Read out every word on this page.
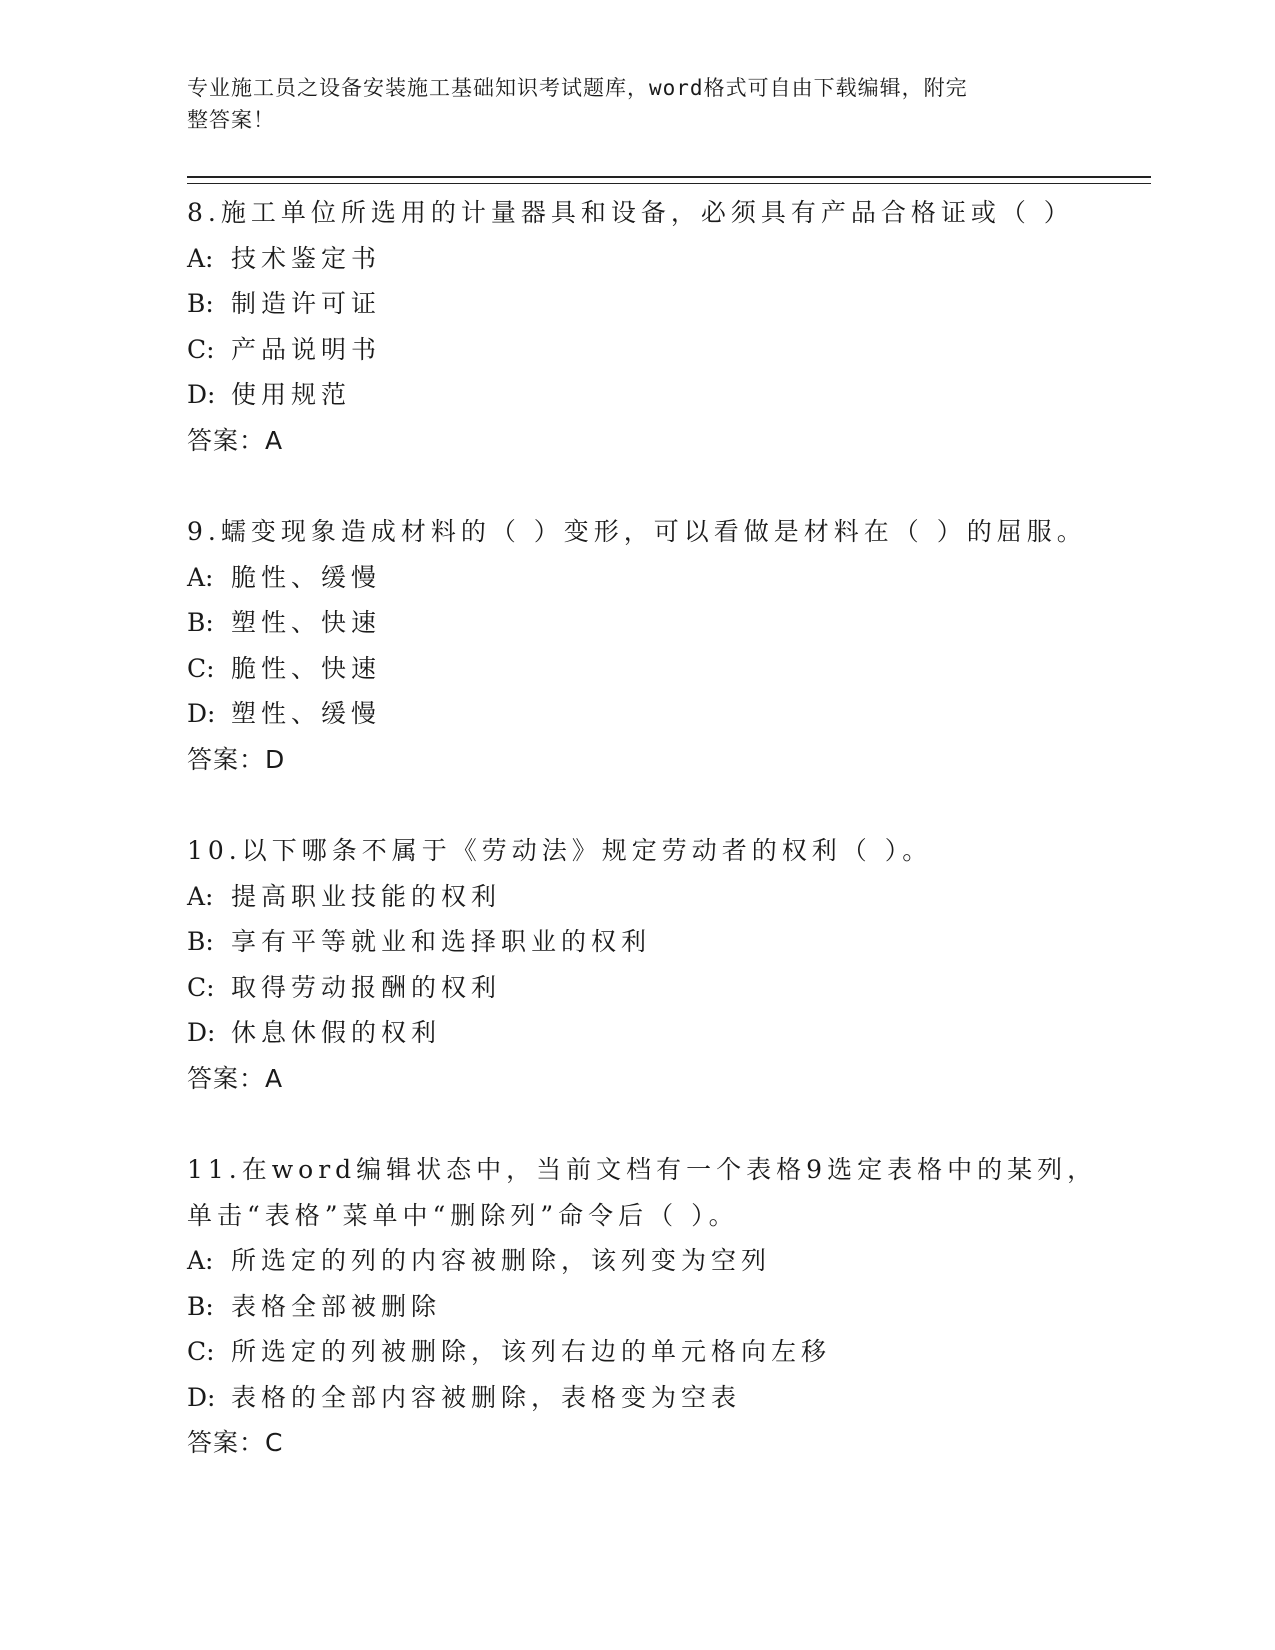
专业施工员之设备安装施工基础知识考试题库，word格式可自由下载编辑，附完
整答案！
8.施工单位所选用的计量器具和设备，必须具有产品合格证或（ ）
A: 技术鉴定书
B: 制造许可证
C: 产品说明书
D: 使用规范
答案：A
9.蠕变现象造成材料的（ ）变形，可以看做是材料在（ ）的屈服。
A: 脆性、缓慢
B: 塑性、快速
C: 脆性、快速
D: 塑性、缓慢
答案：D
10.以下哪条不属于《劳动法》规定劳动者的权利（ ）。
A: 提高职业技能的权利
B: 享有平等就业和选择职业的权利
C: 取得劳动报酬的权利
D: 休息休假的权利
答案：A
11.在word编辑状态中，当前文档有一个表格9选定表格中的某列，
单击“表格”菜单中“删除列”命令后（ ）。
A: 所选定的列的内容被删除，该列变为空列
B: 表格全部被删除
C: 所选定的列被删除，该列右边的单元格向左移
D: 表格的全部内容被删除，表格变为空表
答案：C
